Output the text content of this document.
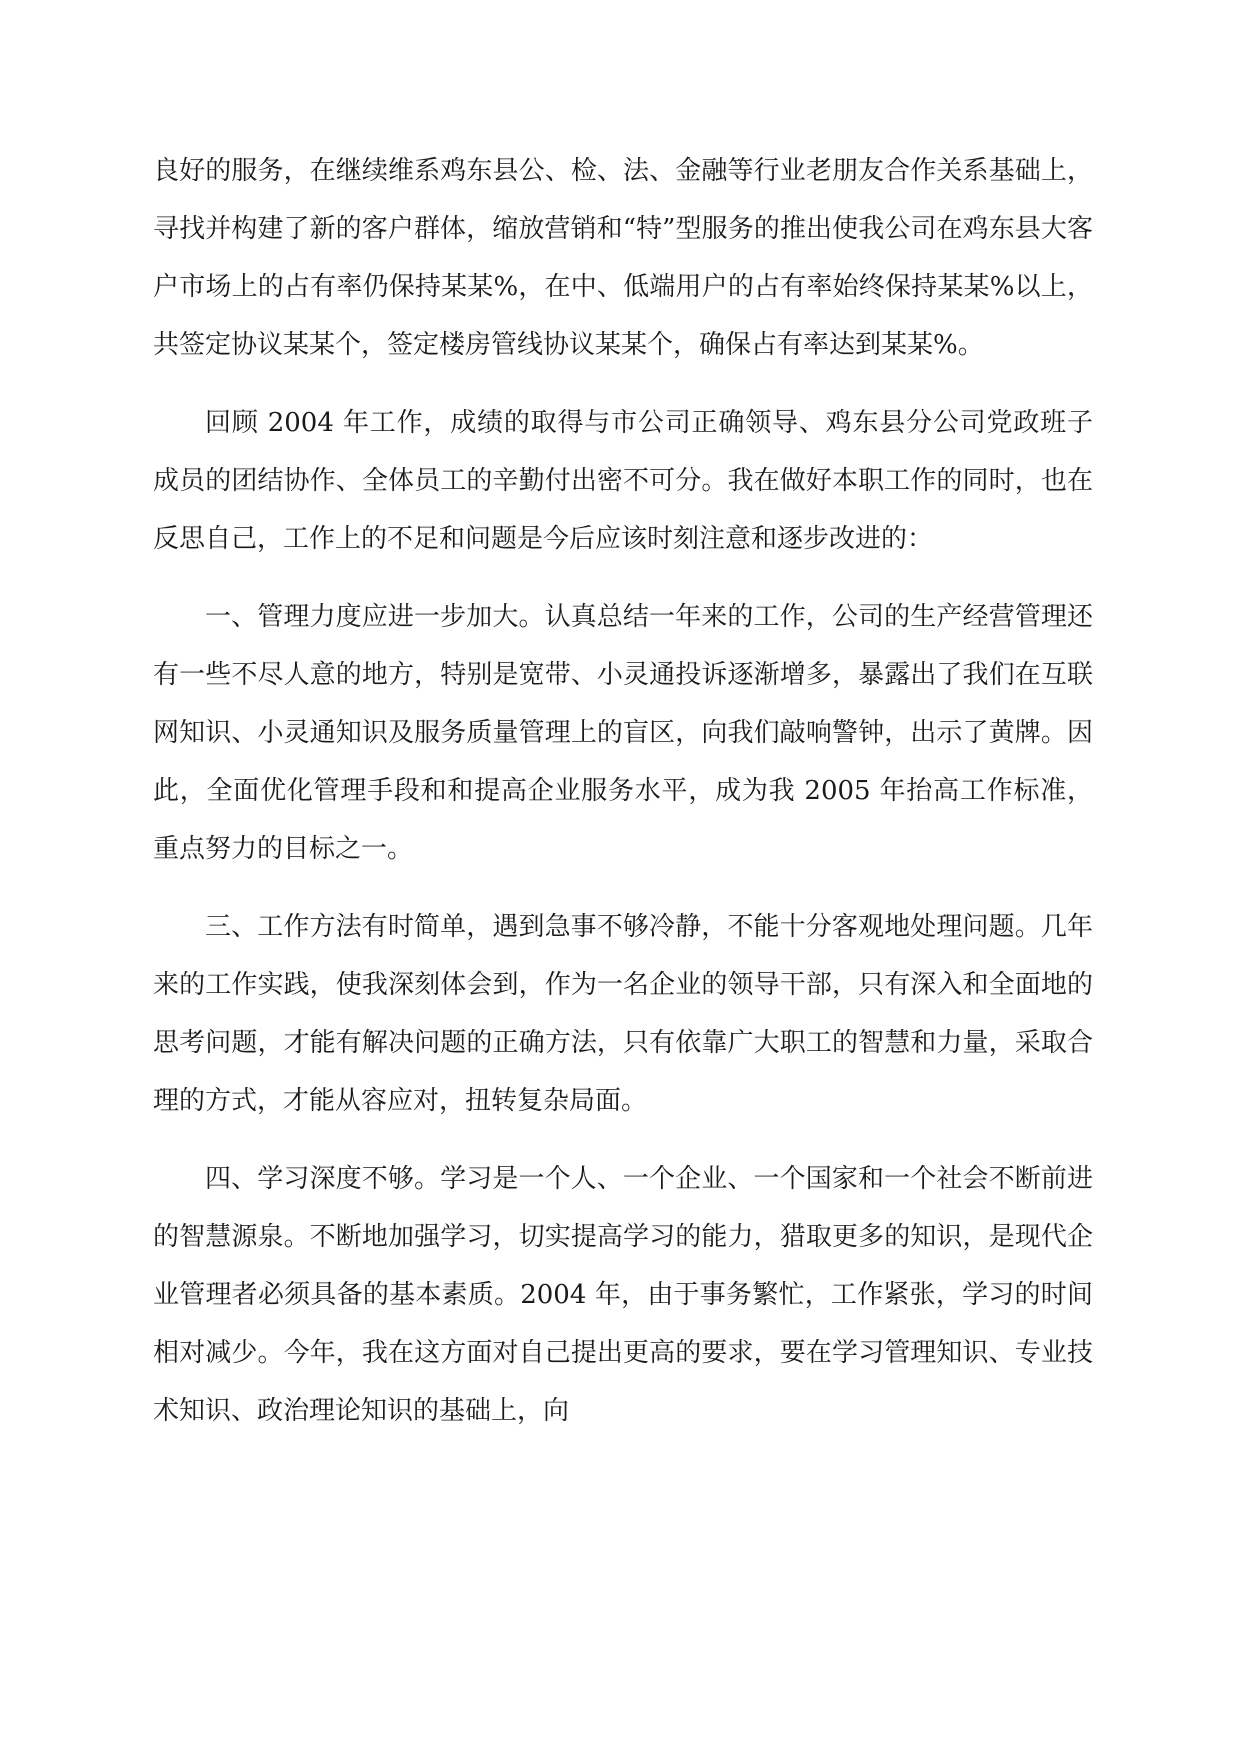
良好的服务，在继续维系鸡东县公、检、法、金融等行业老朋友合作关系基础上，寻找并构建了新的客户群体，缩放营销和“特”型服务的推出使我公司在鸡东县大客户市场上的占有率仍保持某某%，在中、低端用户的占有率始终保持某某%以上，共签定协议某某个，签定楼房管线协议某某个，确保占有率达到某某%。

回顾 2004 年工作，成绩的取得与市公司正确领导、鸡东县分公司党政班子成员的团结协作、全体员工的辛勤付出密不可分。我在做好本职工作的同时，也在反思自己，工作上的不足和问题是今后应该时刻注意和逐步改进的：

一、管理力度应进一步加大。认真总结一年来的工作，公司的生产经营管理还有一些不尽人意的地方，特别是宽带、小灵通投诉逐渐增多，暴露出了我们在互联网知识、小灵通知识及服务质量管理上的盲区，向我们敲响警钟，出示了黄牌。因此，全面优化管理手段和和提高企业服务水平，成为我 2005 年抬高工作标准，重点努力的目标之一。

三、工作方法有时简单，遇到急事不够冷静，不能十分客观地处理问题。几年来的工作实践，使我深刻体会到，作为一名企业的领导干部，只有深入和全面地的思考问题，才能有解决问题的正确方法，只有依靠广大职工的智慧和力量，采取合理的方式，才能从容应对，扭转复杂局面。

四、学习深度不够。学习是一个人、一个企业、一个国家和一个社会不断前进的智慧源泉。不断地加强学习，切实提高学习的能力，猎取更多的知识，是现代企业管理者必须具备的基本素质。2004 年，由于事务繁忙，工作紧张，学习的时间相对减少。今年，我在这方面对自己提出更高的要求，要在学习管理知识、专业技术知识、政治理论知识的基础上，向
